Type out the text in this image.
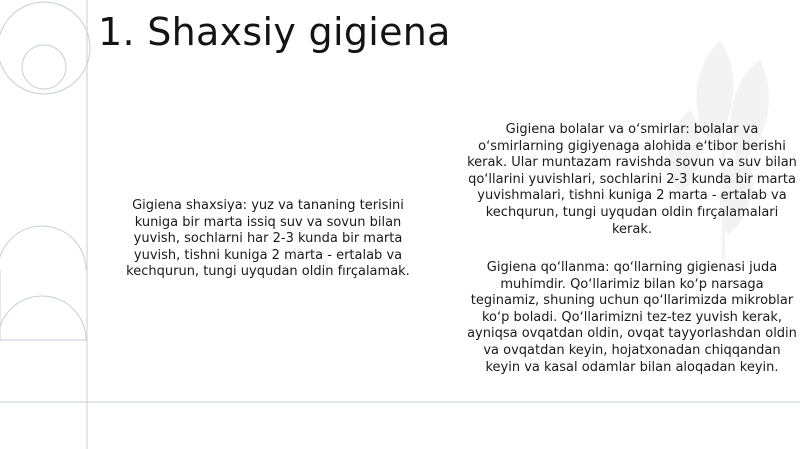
1. Shaxsiy gigiena
Gigiena shaxsiya: yuz va tananing terisini kuniga bir marta issiq suv va sovun bilan yuvish, sochlarni har 2-3 kunda bir marta yuvish, tishni kuniga 2 marta - ertalab va kechqurun, tungi uyqudan oldin fırçalamak.
Gigiena bolalar va oʻsmirlar: bolalar va oʻsmirlarning gigiyenaga alohida eʻtibor berishi kerak. Ular muntazam ravishda sovun va suv bilan qoʻllarini yuvishlari, sochlarini 2-3 kunda bir marta yuvishmalari, tishni kuniga 2 marta - ertalab va kechqurun, tungi uyqudan oldin fırçalamalari kerak.
Gigiena qoʻllanma: qoʻllarning gigienasi juda muhimdir. Qoʻllarimiz bilan koʻp narsaga teginamiz, shuning uchun qoʻllarimizda mikroblar koʻp boladi. Qoʻllarimizni tez-tez yuvish kerak, ayniqsa ovqatdan oldin, ovqat tayyorlashdan oldin va ovqatdan keyin, hojatxonadan chiqqandan keyin va kasal odamlar bilan aloqadan keyin.
